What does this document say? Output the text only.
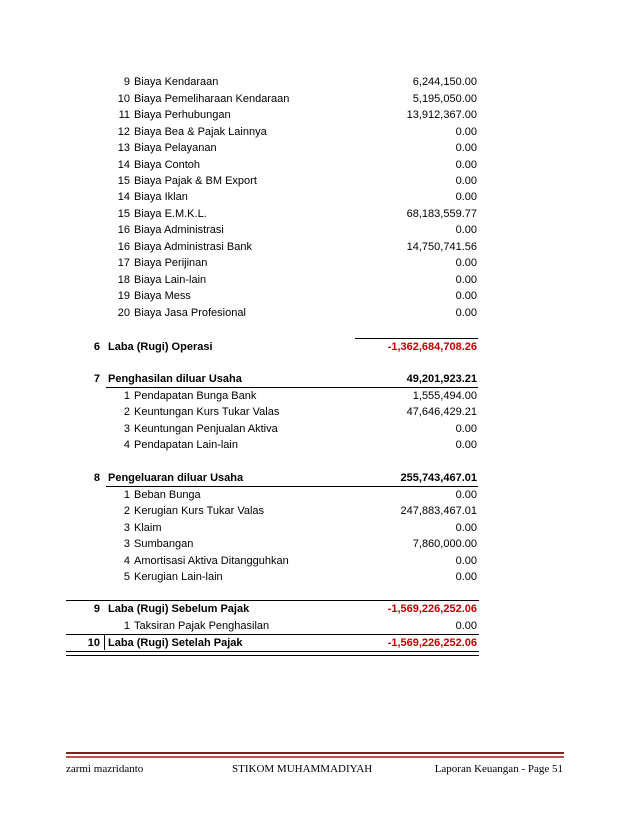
9 Biaya Kendaraan	6,244,150.00
10 Biaya Pemeliharaan Kendaraan	5,195,050.00
11 Biaya Perhubungan	13,912,367.00
12 Biaya Bea & Pajak Lainnya	0.00
13 Biaya Pelayanan	0.00
14 Biaya Contoh	0.00
15 Biaya Pajak & BM Export	0.00
14 Biaya Iklan	0.00
15 Biaya E.M.K.L.	68,183,559.77
16 Biaya Administrasi	0.00
16 Biaya Administrasi Bank	14,750,741.56
17 Biaya Perijinan	0.00
18 Biaya Lain-lain	0.00
19 Biaya Mess	0.00
20 Biaya Jasa Profesional	0.00
6 Laba (Rugi) Operasi	-1,362,684,708.26
7 Penghasilan diluar Usaha	49,201,923.21
1 Pendapatan Bunga Bank	1,555,494.00
2 Keuntungan Kurs Tukar Valas	47,646,429.21
3 Keuntungan Penjualan Aktiva	0.00
4 Pendapatan Lain-lain	0.00
8 Pengeluaran diluar Usaha	255,743,467.01
1 Beban Bunga	0.00
2 Kerugian Kurs Tukar Valas	247,883,467.01
3 Klaim	0.00
3 Sumbangan	7,860,000.00
4 Amortisasi Aktiva Ditangguhkan	0.00
5 Kerugian Lain-lain	0.00
9 Laba (Rugi) Sebelum Pajak	-1,569,226,252.06
1 Taksiran Pajak Penghasilan	0.00
10 Laba (Rugi) Setelah Pajak	-1,569,226,252.06
zarmi mazridanto	STIKOM MUHAMMADIYAH	Laporan Keuangan - Page 51
